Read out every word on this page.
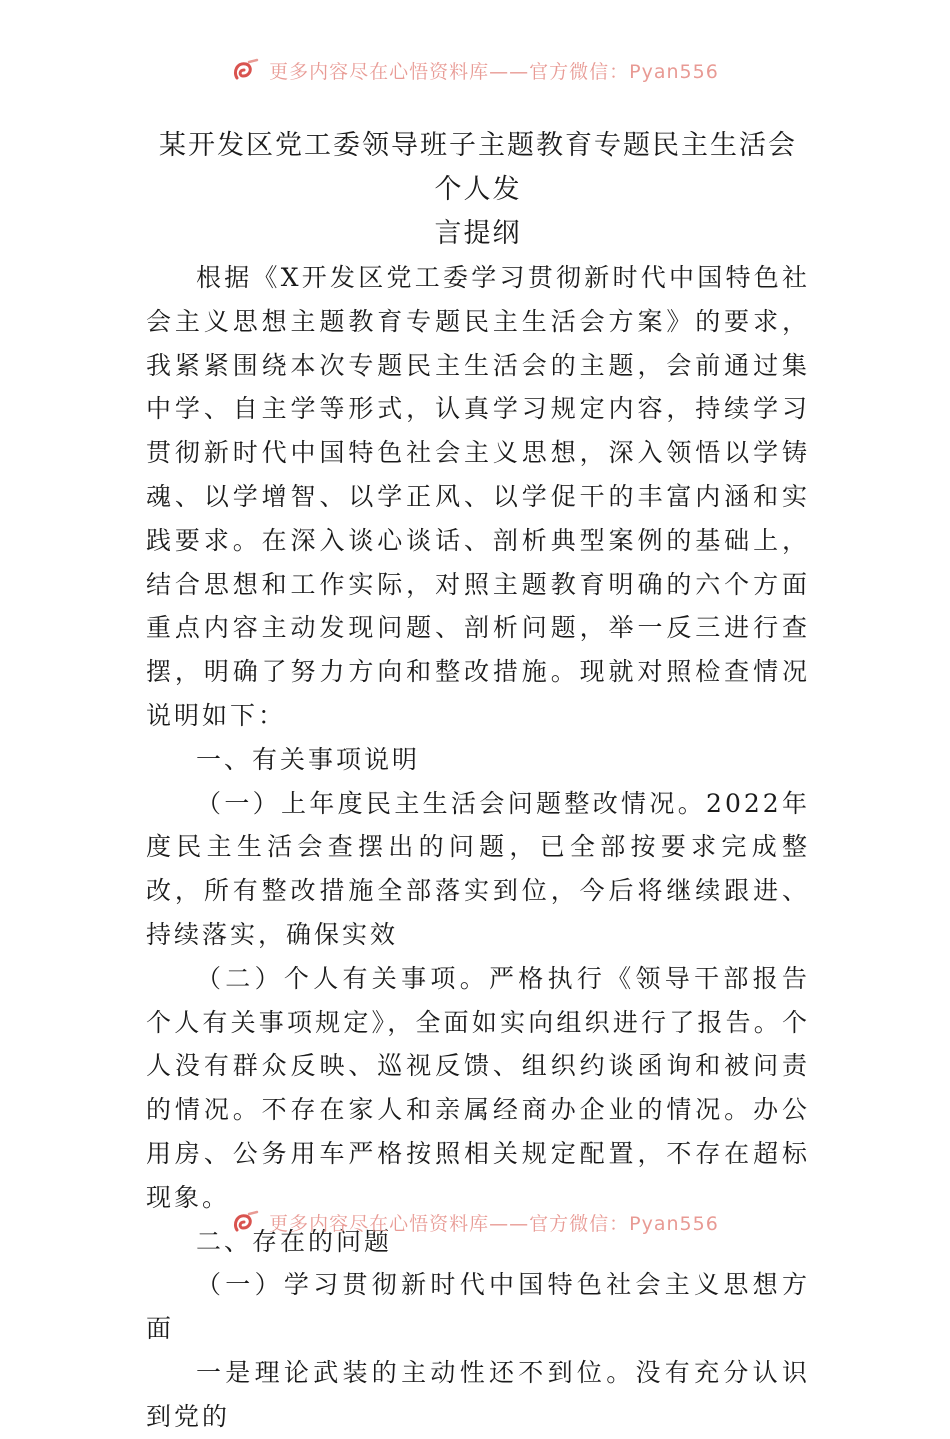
更多内容尽在心悟资料库——官方微信：Pyan556
某开发区党工委领导班子主题教育专题民主生活会个人发
言提纲

根据《X开发区党工委学习贯彻新时代中国特色社会主义思想主题教育专题民主生活会方案》的要求，我紧紧围绕本次专题民主生活会的主题，会前通过集中学、自主学等形式，认真学习规定内容，持续学习贯彻新时代中国特色社会主义思想，深入领悟以学铸魂、以学增智、以学正风、以学促干的丰富内涵和实践要求。在深入谈心谈话、剖析典型案例的基础上，结合思想和工作实际，对照主题教育明确的六个方面重点内容主动发现问题、剖析问题，举一反三进行查摆，明确了努力方向和整改措施。现就对照检查情况说明如下：

一、有关事项说明

（一）上年度民主生活会问题整改情况。2022年度民主生活会查摆出的问题，已全部按要求完成整改，所有整改措施全部落实到位，今后将继续跟进、持续落实，确保实效

（二）个人有关事项。严格执行《领导干部报告个人有关事项规定》，全面如实向组织进行了报告。个人没有群众反映、巡视反馈、组织约谈函询和被问责的情况。不存在家人和亲属经商办企业的情况。办公用房、公务用车严格按照相关规定配置，不存在超标现象。

二、存在的问题

（一）学习贯彻新时代中国特色社会主义思想方面

一是理论武装的主动性还不到位。没有充分认识到党的

更多内容尽在心悟资料库——官方微信：Pyan556
